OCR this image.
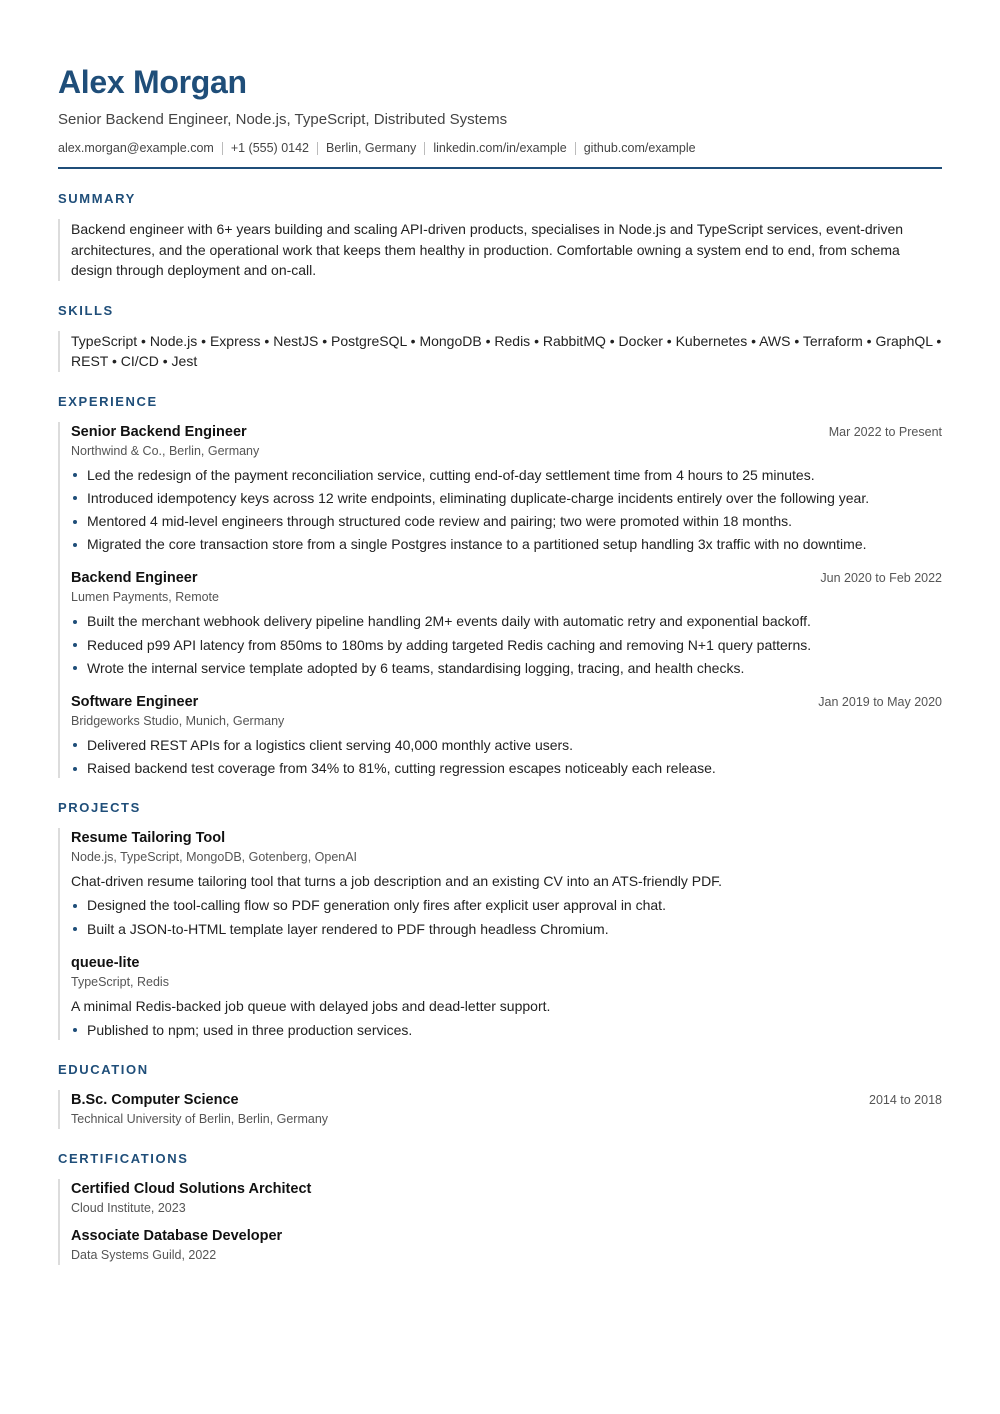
Alex Morgan
Senior Backend Engineer, Node.js, TypeScript, Distributed Systems
alex.morgan@example.com +1 (555) 0142 Berlin, Germany linkedin.com/in/example github.com/example
SUMMARY
Backend engineer with 6+ years building and scaling API-driven products, specialises in Node.js and TypeScript services, event-driven architectures, and the operational work that keeps them healthy in production. Comfortable owning a system end to end, from schema design through deployment and on-call.
SKILLS
TypeScript • Node.js • Express • NestJS • PostgreSQL • MongoDB • Redis • RabbitMQ • Docker • Kubernetes • AWS • Terraform • GraphQL • REST • CI/CD • Jest
EXPERIENCE
Senior Backend Engineer	Mar 2022 to Present
Northwind & Co., Berlin, Germany
Led the redesign of the payment reconciliation service, cutting end-of-day settlement time from 4 hours to 25 minutes.
Introduced idempotency keys across 12 write endpoints, eliminating duplicate-charge incidents entirely over the following year.
Mentored 4 mid-level engineers through structured code review and pairing; two were promoted within 18 months.
Migrated the core transaction store from a single Postgres instance to a partitioned setup handling 3x traffic with no downtime.
Backend Engineer	Jun 2020 to Feb 2022
Lumen Payments, Remote
Built the merchant webhook delivery pipeline handling 2M+ events daily with automatic retry and exponential backoff.
Reduced p99 API latency from 850ms to 180ms by adding targeted Redis caching and removing N+1 query patterns.
Wrote the internal service template adopted by 6 teams, standardising logging, tracing, and health checks.
Software Engineer	Jan 2019 to May 2020
Bridgeworks Studio, Munich, Germany
Delivered REST APIs for a logistics client serving 40,000 monthly active users.
Raised backend test coverage from 34% to 81%, cutting regression escapes noticeably each release.
PROJECTS
Resume Tailoring Tool
Node.js, TypeScript, MongoDB, Gotenberg, OpenAI
Chat-driven resume tailoring tool that turns a job description and an existing CV into an ATS-friendly PDF.
Designed the tool-calling flow so PDF generation only fires after explicit user approval in chat.
Built a JSON-to-HTML template layer rendered to PDF through headless Chromium.
queue-lite
TypeScript, Redis
A minimal Redis-backed job queue with delayed jobs and dead-letter support.
Published to npm; used in three production services.
EDUCATION
B.Sc. Computer Science	2014 to 2018
Technical University of Berlin, Berlin, Germany
CERTIFICATIONS
Certified Cloud Solutions Architect
Cloud Institute, 2023
Associate Database Developer
Data Systems Guild, 2022
